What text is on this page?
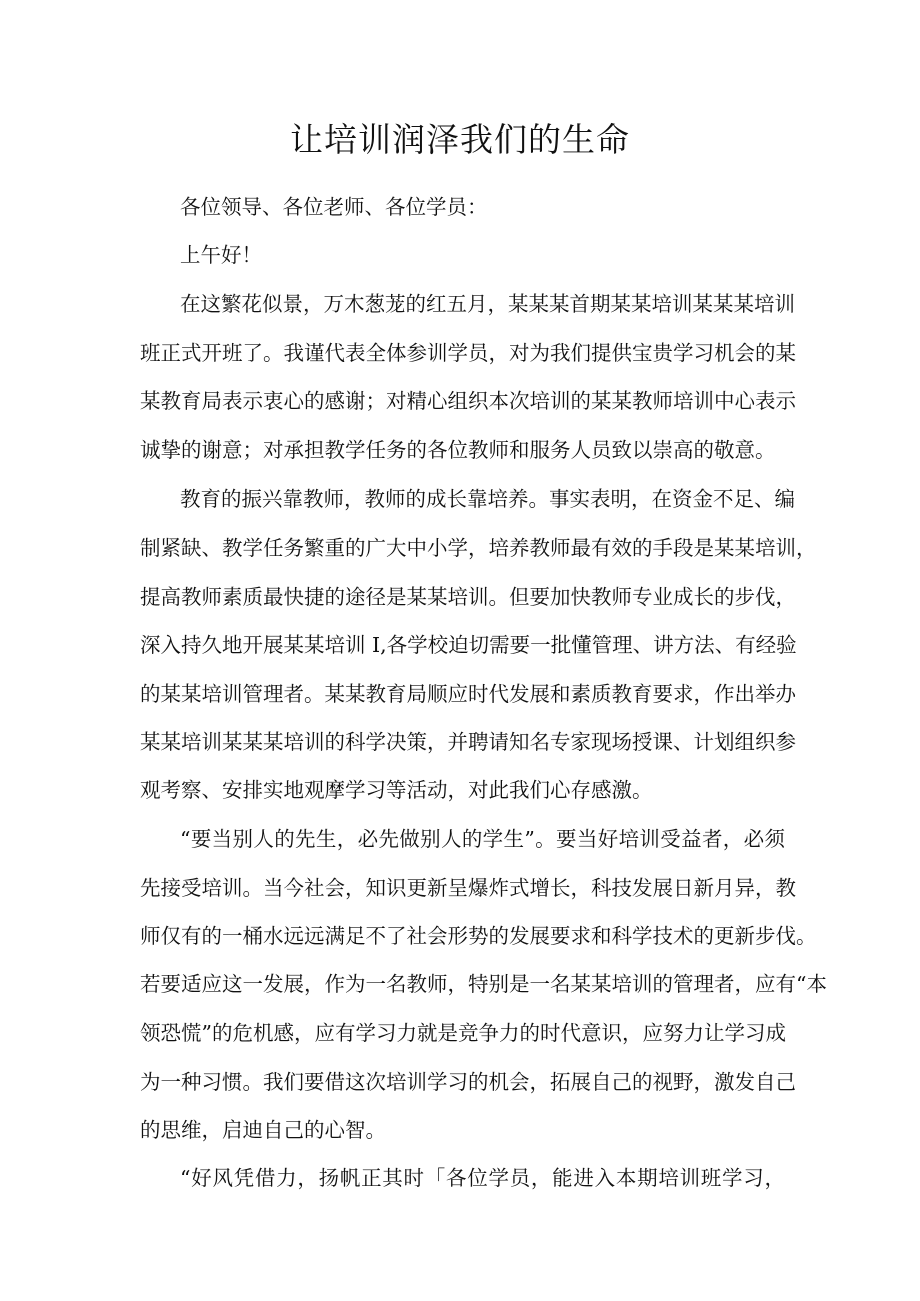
让培训润泽我们的生命

各位领导、各位老师、各位学员：

上午好！

在这繁花似景，万木葱茏的红五月，某某某首期某某培训某某某培训

班正式开班了。我谨代表全体参训学员，对为我们提供宝贵学习机会的某

某教育局表示衷心的感谢；对精心组织本次培训的某某教师培训中心表示

诚挚的谢意；对承担教学任务的各位教师和服务人员致以崇高的敬意。

教育的振兴靠教师，教师的成长靠培养。事实表明，在资金不足、编

制紧缺、教学任务繁重的广大中小学，培养教师最有效的手段是某某培训，

提高教师素质最快捷的途径是某某培训。但要加快教师专业成长的步伐，

深入持久地开展某某培训 I,各学校迫切需要一批懂管理、讲方法、有经验

的某某培训管理者。某某教育局顺应时代发展和素质教育要求，作出举办

某某培训某某某培训的科学决策，并聘请知名专家现场授课、计划组织参

观考察、安排实地观摩学习等活动，对此我们心存感激。

“要当别人的先生，必先做别人的学生”。要当好培训受益者，必须

先接受培训。当今社会，知识更新呈爆炸式增长，科技发展日新月异，教

师仅有的一桶水远远满足不了社会形势的发展要求和科学技术的更新步伐。

若要适应这一发展，作为一名教师，特别是一名某某培训的管理者，应有“本

领恐慌”的危机感，应有学习力就是竞争力的时代意识，应努力让学习成

为一种习惯。我们要借这次培训学习的机会，拓展自己的视野，激发自己

的思维，启迪自己的心智。

“好风凭借力，扬帆正其时「各位学员，能进入本期培训班学习，
